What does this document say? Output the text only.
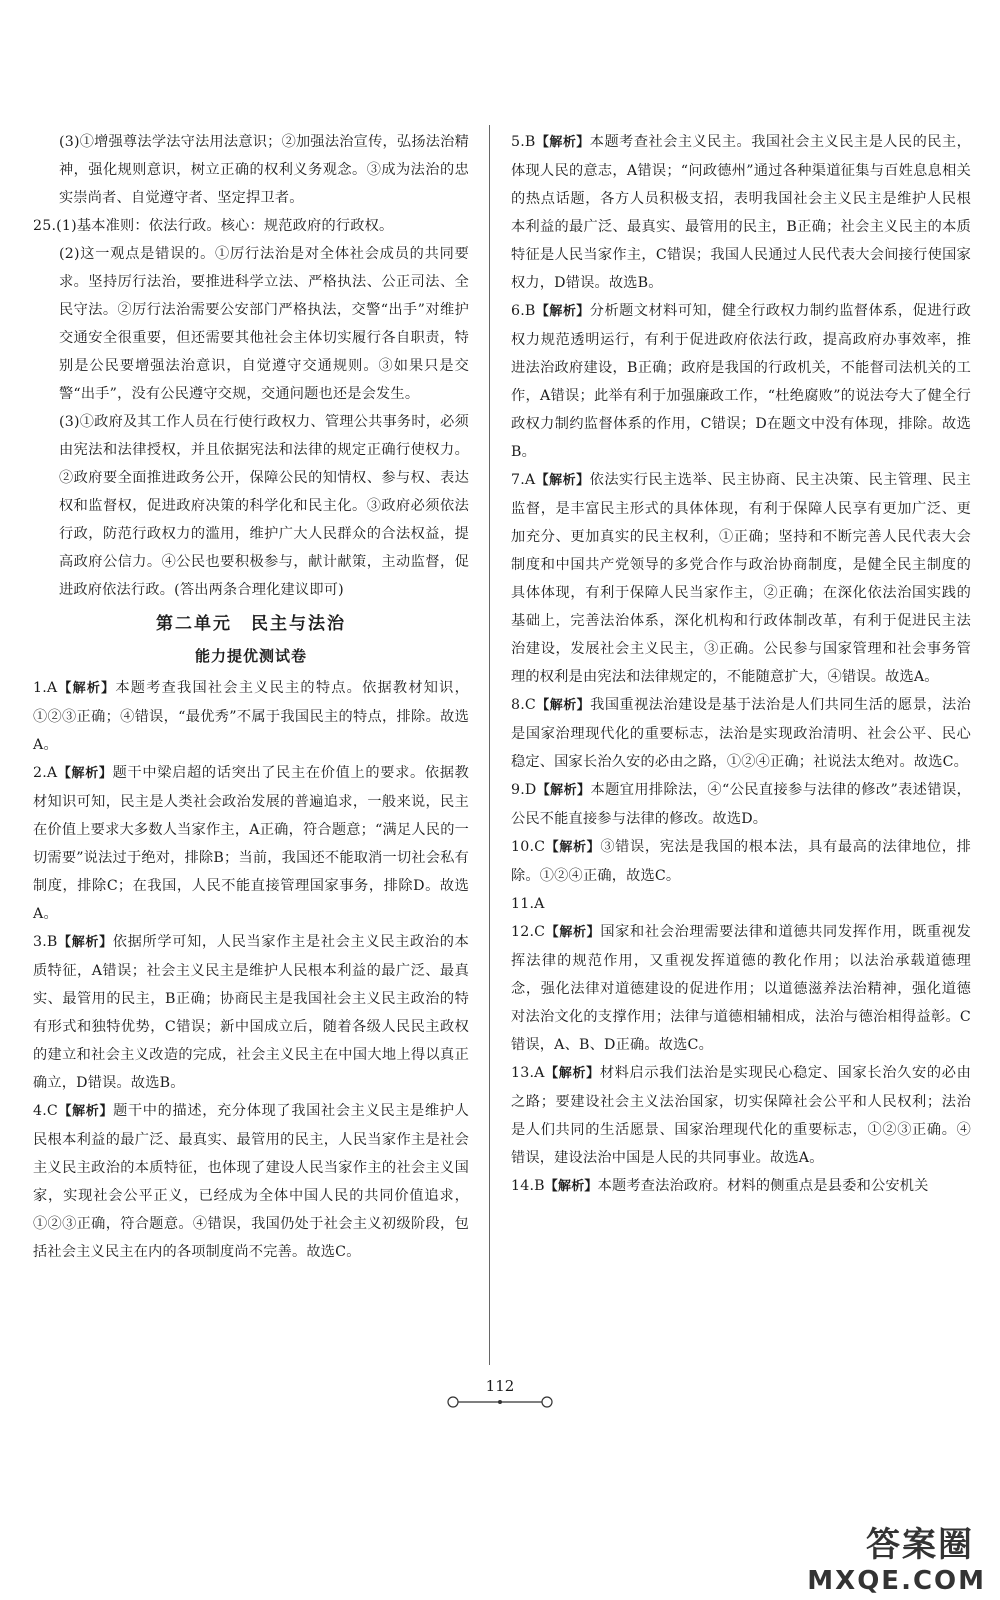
(3)①增强尊法学法守法用法意识；②加强法治宣传，弘扬法治精神，强化规则意识，树立正确的权利义务观念。③成为法治的忠实崇尚者、自觉遵守者、坚定捍卫者。

25.(1)基本准则：依法行政。核心：规范政府的行政权。

(2)这一观点是错误的。①厉行法治是对全体社会成员的共同要求。坚持厉行法治，要推进科学立法、严格执法、公正司法、全民守法。②厉行法治需要公安部门严格执法，交警“出手”对维护交通安全很重要，但还需要其他社会主体切实履行各自职责，特别是公民要增强法治意识，自觉遵守交通规则。③如果只是交警“出手”，没有公民遵守交规，交通问题也还是会发生。

(3)①政府及其工作人员在行使行政权力、管理公共事务时，必须由宪法和法律授权，并且依据宪法和法律的规定正确行使权力。②政府要全面推进政务公开，保障公民的知情权、参与权、表达权和监督权，促进政府决策的科学化和民主化。③政府必须依法行政，防范行政权力的滥用，维护广大人民群众的合法权益，提高政府公信力。④公民也要积极参与，献计献策，主动监督，促进政府依法行政。(答出两条合理化建议即可)

第二单元　民主与法治
能力提优测试卷

1.A【解析】本题考查我国社会主义民主的特点。依据教材知识，①②③正确；④错误，“最优秀”不属于我国民主的特点，排除。故选A。

2.A【解析】题干中梁启超的话突出了民主在价值上的要求。依据教材知识可知，民主是人类社会政治发展的普遍追求，一般来说，民主在价值上要求大多数人当家作主，A正确，符合题意；“满足人民的一切需要”说法过于绝对，排除B；当前，我国还不能取消一切社会私有制度，排除C；在我国，人民不能直接管理国家事务，排除D。故选A。

3.B【解析】依据所学可知，人民当家作主是社会主义民主政治的本质特征，A错误；社会主义民主是维护人民根本利益的最广泛、最真实、最管用的民主，B正确；协商民主是我国社会主义民主政治的特有形式和独特优势，C错误；新中国成立后，随着各级人民民主政权的建立和社会主义改造的完成，社会主义民主在中国大地上得以真正确立，D错误。故选B。

4.C【解析】题干中的描述，充分体现了我国社会主义民主是维护人民根本利益的最广泛、最真实、最管用的民主，人民当家作主是社会主义民主政治的本质特征，也体现了建设人民当家作主的社会主义国家，实现社会公平正义，已经成为全体中国人民的共同价值追求，①②③正确，符合题意。④错误，我国仍处于社会主义初级阶段，包括社会主义民主在内的各项制度尚不完善。故选C。

5.B【解析】本题考查社会主义民主。我国社会主义民主是人民的民主，体现人民的意志，A错误；“问政德州”通过各种渠道征集与百姓息息相关的热点话题，各方人员积极支招，表明我国社会主义民主是维护人民根本利益的最广泛、最真实、最管用的民主，B正确；社会主义民主的本质特征是人民当家作主，C错误；我国人民通过人民代表大会间接行使国家权力，D错误。故选B。

6.B【解析】分析题文材料可知，健全行政权力制约监督体系，促进行政权力规范透明运行，有利于促进政府依法行政，提高政府办事效率，推进法治政府建设，B正确；政府是我国的行政机关，不能督司法机关的工作，A错误；此举有利于加强廉政工作，“杜绝腐败”的说法夸大了健全行政权力制约监督体系的作用，C错误；D在题文中没有体现，排除。故选B。

7.A【解析】依法实行民主选举、民主协商、民主决策、民主管理、民主监督，是丰富民主形式的具体体现，有利于保障人民享有更加广泛、更加充分、更加真实的民主权利，①正确；坚持和不断完善人民代表大会制度和中国共产党领导的多党合作与政治协商制度，是健全民主制度的具体体现，有利于保障人民当家作主，②正确；在深化依法治国实践的基础上，完善法治体系，深化机构和行政体制改革，有利于促进民主法治建设，发展社会主义民主，③正确。公民参与国家管理和社会事务管理的权利是由宪法和法律规定的，不能随意扩大，④错误。故选A。

8.C【解析】我国重视法治建设是基于法治是人们共同生活的愿景，法治是国家治理现代化的重要标志，法治是实现政治清明、社会公平、民心稳定、国家长治久安的必由之路，①②④正确；社说法太绝对。故选C。

9.D【解析】本题宜用排除法，④“公民直接参与法律的修改”表述错误，公民不能直接参与法律的修改。故选D。

10.C【解析】③错误，宪法是我国的根本法，具有最高的法律地位，排除。①②④正确，故选C。

11.A

12.C【解析】国家和社会治理需要法律和道德共同发挥作用，既重视发挥法律的规范作用，又重视发挥道德的教化作用；以法治承载道德理念，强化法律对道德建设的促进作用；以道德滋养法治精神，强化道德对法治文化的支撑作用；法律与道德相辅相成，法治与德治相得益彰。C错误，A、B、D正确。故选C。

13.A【解析】材料启示我们法治是实现民心稳定、国家长治久安的必由之路；要建设社会主义法治国家，切实保障社会公平和人民权利；法治是人们共同的生活愿景、国家治理现代化的重要标志，①②③正确。④错误，建设法治中国是人民的共同事业。故选A。

14.B【解析】本题考查法治政府。材料的侧重点是县委和公安机关

112
答案圈
MXQE.COM
